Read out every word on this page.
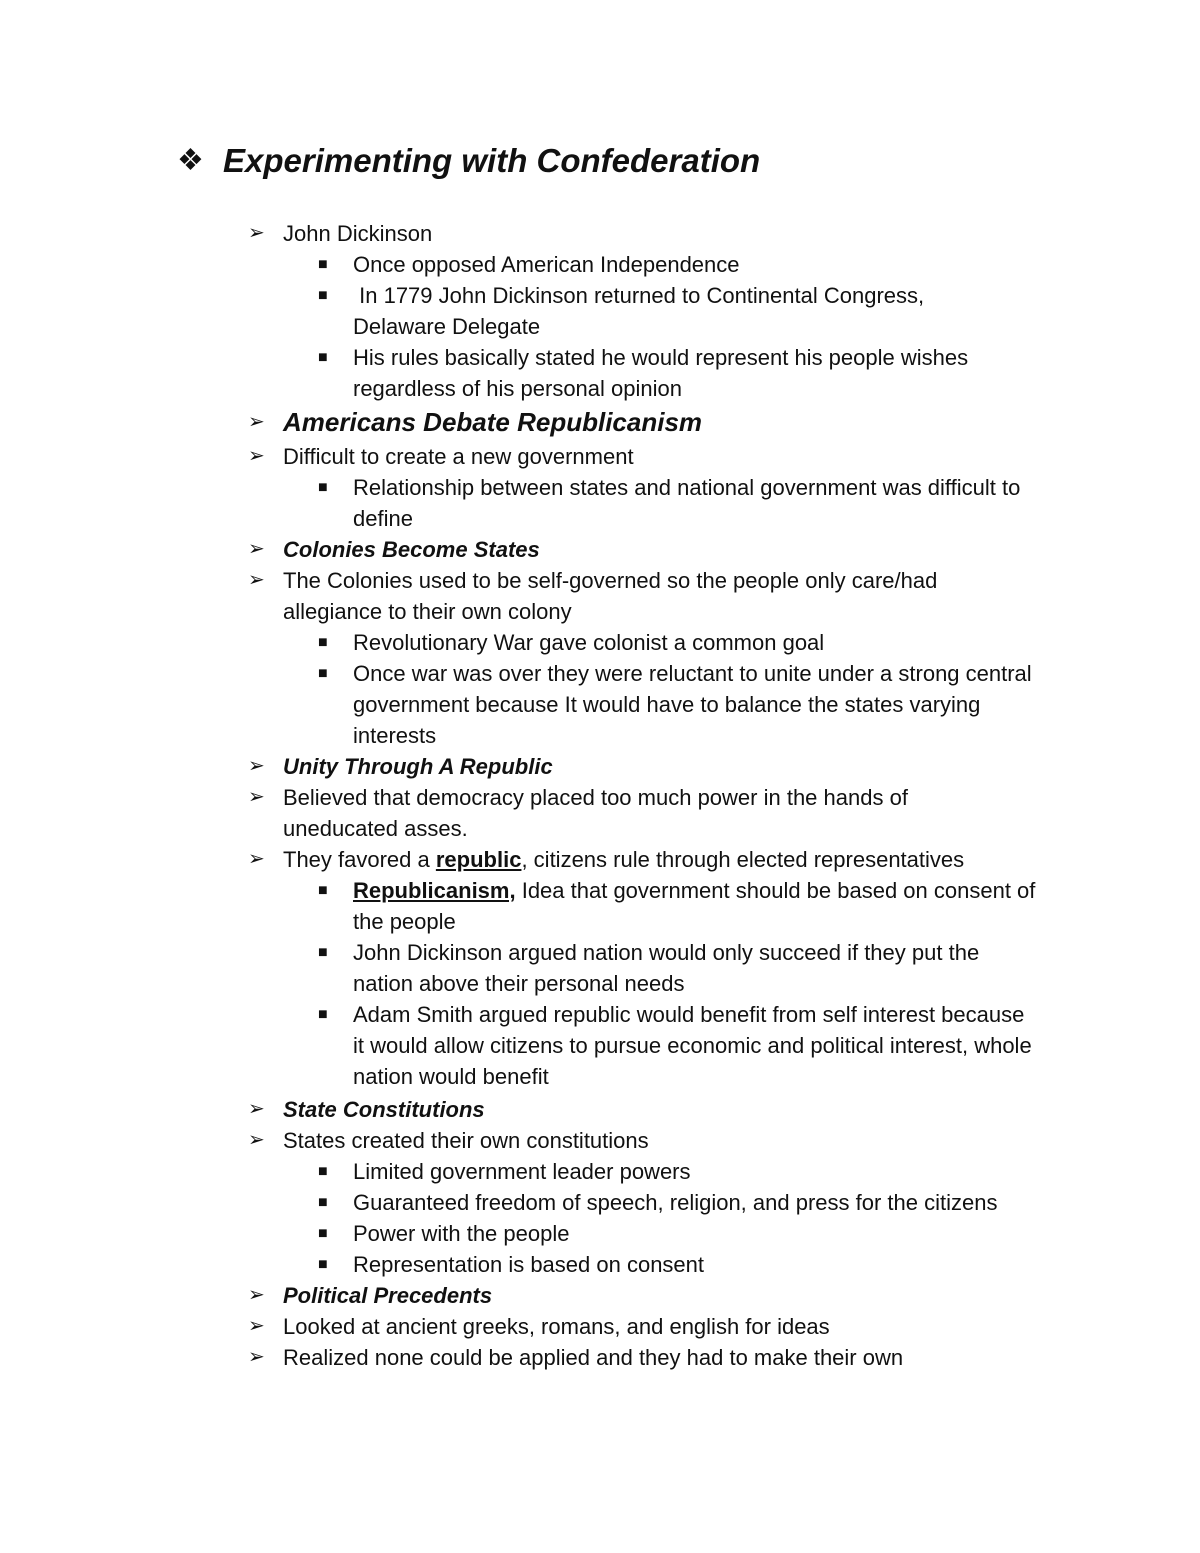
❖ Experimenting with Confederation
➢ John Dickinson
■ Once opposed American Independence
■ In 1779 John Dickinson returned to Continental Congress, Delaware Delegate
■ His rules basically stated he would represent his people wishes regardless of his personal opinion
➢ Americans Debate Republicanism
➢ Difficult to create a new government
■ Relationship between states and national government was difficult to define
➢ Colonies Become States
➢ The Colonies used to be self-governed so the people only care/had allegiance to their own colony
■ Revolutionary War gave colonist a common goal
■ Once war was over they were reluctant to unite under a strong central government because It would have to balance the states varying interests
➢ Unity Through A Republic
➢ Believed that democracy placed too much power in the hands of uneducated asses.
➢ They favored a republic, citizens rule through elected representatives
■ Republicanism, Idea that government should be based on consent of the people
■ John Dickinson argued nation would only succeed if they put the nation above their personal needs
■ Adam Smith argued republic would benefit from self interest because it would allow citizens to pursue economic and political interest, whole nation would benefit
➢ State Constitutions
➢ States created their own constitutions
■ Limited government leader powers
■ Guaranteed freedom of speech, religion, and press for the citizens
■ Power with the people
■ Representation is based on consent
➢ Political Precedents
➢ Looked at ancient greeks, romans, and english for ideas
➢ Realized none could be applied and they had to make their own
